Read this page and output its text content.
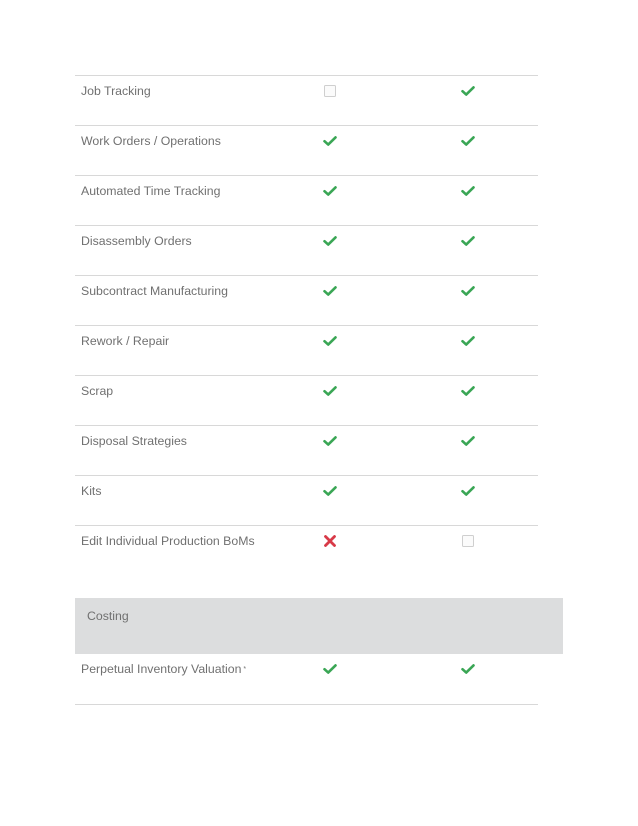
Job Tracking
Work Orders / Operations
Automated Time Tracking
Disassembly Orders
Subcontract Manufacturing
Rework / Repair
Scrap
Disposal Strategies
Kits
Edit Individual Production BoMs
Costing
Perpetual Inventory Valuation *
